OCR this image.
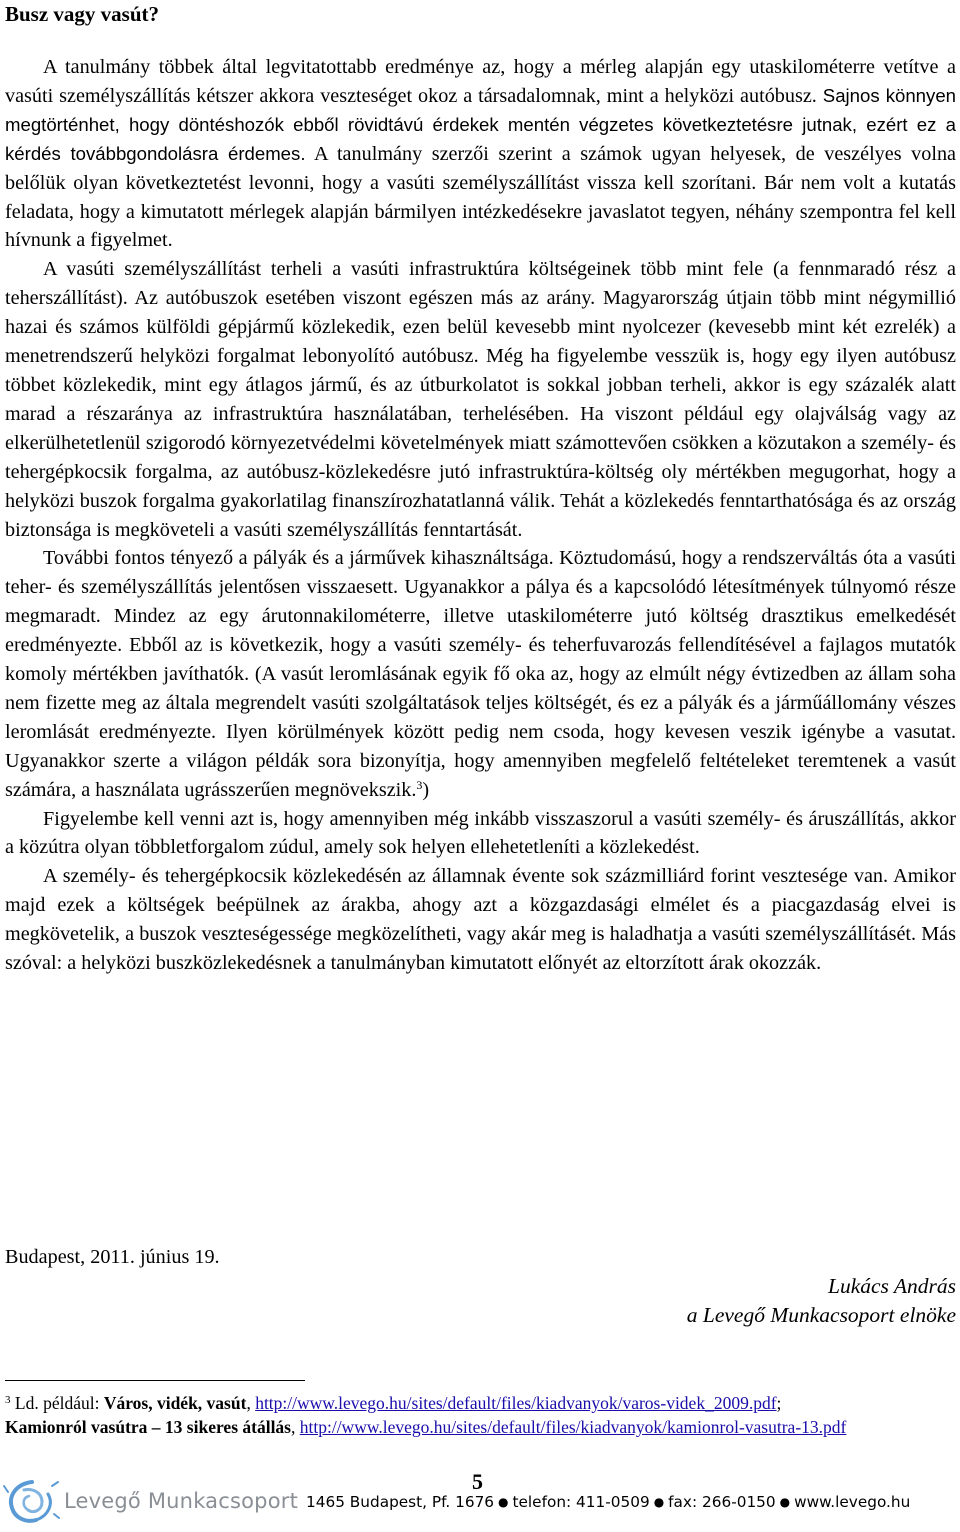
Busz vagy vasút?

A tanulmány többek által legvitatottabb eredménye az, hogy a mérleg alapján egy utaskilométerre vetítve a vasúti személyszállítás kétszer akkora veszteséget okoz a társadalomnak, mint a helyközi autóbusz. Sajnos könnyen megtörténhet, hogy döntéshozók ebből rövidtávú érdekek mentén végzetes következtetésre jutnak, ezért ez a kérdés továbbgondolásra érdemes. A tanulmány szerzői szerint a számok ugyan helyesek, de veszélyes volna belőlük olyan következtetést levonni, hogy a vasúti személyszállítást vissza kell szorítani. Bár nem volt a kutatás feladata, hogy a kimutatott mérlegek alapján bármilyen intézkedésekre javaslatot tegyen, néhány szempontra fel kell hívnunk a figyelmet.

A vasúti személyszállítást terheli a vasúti infrastruktúra költségeinek több mint fele (a fennmaradó rész a teherszállítást). Az autóbuszok esetében viszont egészen más az arány. Magyarország útjain több mint négymillió hazai és számos külföldi gépjármű közlekedik, ezen belül kevesebb mint nyolcezer (kevesebb mint két ezrelék) a menetrendszerű helyközi forgalmat lebonyolító autóbusz. Még ha figyelembe vesszük is, hogy egy ilyen autóbusz többet közlekedik, mint egy átlagos jármű, és az útburkolatot is sokkal jobban terheli, akkor is egy százalék alatt marad a részaránya az infrastruktúra használatában, terhelésében. Ha viszont például egy olajválság vagy az elkerülhetetlenül szigorodó környezetvédelmi követelmények miatt számottevően csökken a közutakon a személy- és tehergépkocsik forgalma, az autóbusz-közlekedésre jutó infrastruktúra-költség oly mértékben megugorhat, hogy a helyközi buszok forgalma gyakorlatilag finanszírozhatatlanná válik. Tehát a közlekedés fenntarthatósága és az ország biztonsága is megköveteli a vasúti személyszállítás fenntartását.

További fontos tényező a pályák és a járművek kihasználtsága. Köztudomású, hogy a rendszerváltás óta a vasúti teher- és személyszállítás jelentősen visszaesett. Ugyanakkor a pálya és a kapcsolódó létesítmények túlnyomó része megmaradt. Mindez az egy árutonnakilométerre, illetve utaskilométerre jutó költség drasztikus emelkedését eredményezte. Ebből az is következik, hogy a vasúti személy- és teherfuvarozás fellendítésével a fajlagos mutatók komoly mértékben javíthatók. (A vasút leromlásának egyik fő oka az, hogy az elmúlt négy évtizedben az állam soha nem fizette meg az általa megrendelt vasúti szolgáltatások teljes költségét, és ez a pályák és a járműállomány vészes leromlását eredményezte. Ilyen körülmények között pedig nem csoda, hogy kevesen veszik igénybe a vasutat. Ugyanakkor szerte a világon példák sora bizonyítja, hogy amennyiben megfelelő feltételeket teremtenek a vasút számára, a használata ugrásszerűen megnövekszik.$^3$)

Figyelembe kell venni azt is, hogy amennyiben még inkább visszaszorul a vasúti személy- és áruszállítás, akkor a közútra olyan többletforgalom zúdul, amely sok helyen ellehetetleníti a közlekedést.

A személy- és tehergépkocsik közlekedésén az államnak évente sok százmilliárd forint vesztesége van. Amikor majd ezek a költségek beépülnek az árakba, ahogy azt a közgazdasági elmélet és a piacgazdaság elvei is megkövetelik, a buszok veszteségessége megközelítheti, vagy akár meg is haladhatja a vasúti személyszállításét. Más szóval: a helyközi buszközlekedésnek a tanulmányban kimutatott előnyét az eltorzított árak okozzák.

Budapest, 2011. június 19.
Lukács András
a Levegő Munkacsoport elnöke
$^3$ Ld. például: Város, vidék, vasút, http://www.levego.hu/sites/default/files/kiadvanyok/varos-videk_2009.pdf;
Kamionról vasútra – 13 sikeres átállás, http://www.levego.hu/sites/default/files/kiadvanyok/kamionrol-vasutra-13.pdf
5
Levegő Munkacsoport 1465 Budapest, Pf. 1676 ● telefon: 411-0509 ● fax: 266-0150 ● www.levego.hu
